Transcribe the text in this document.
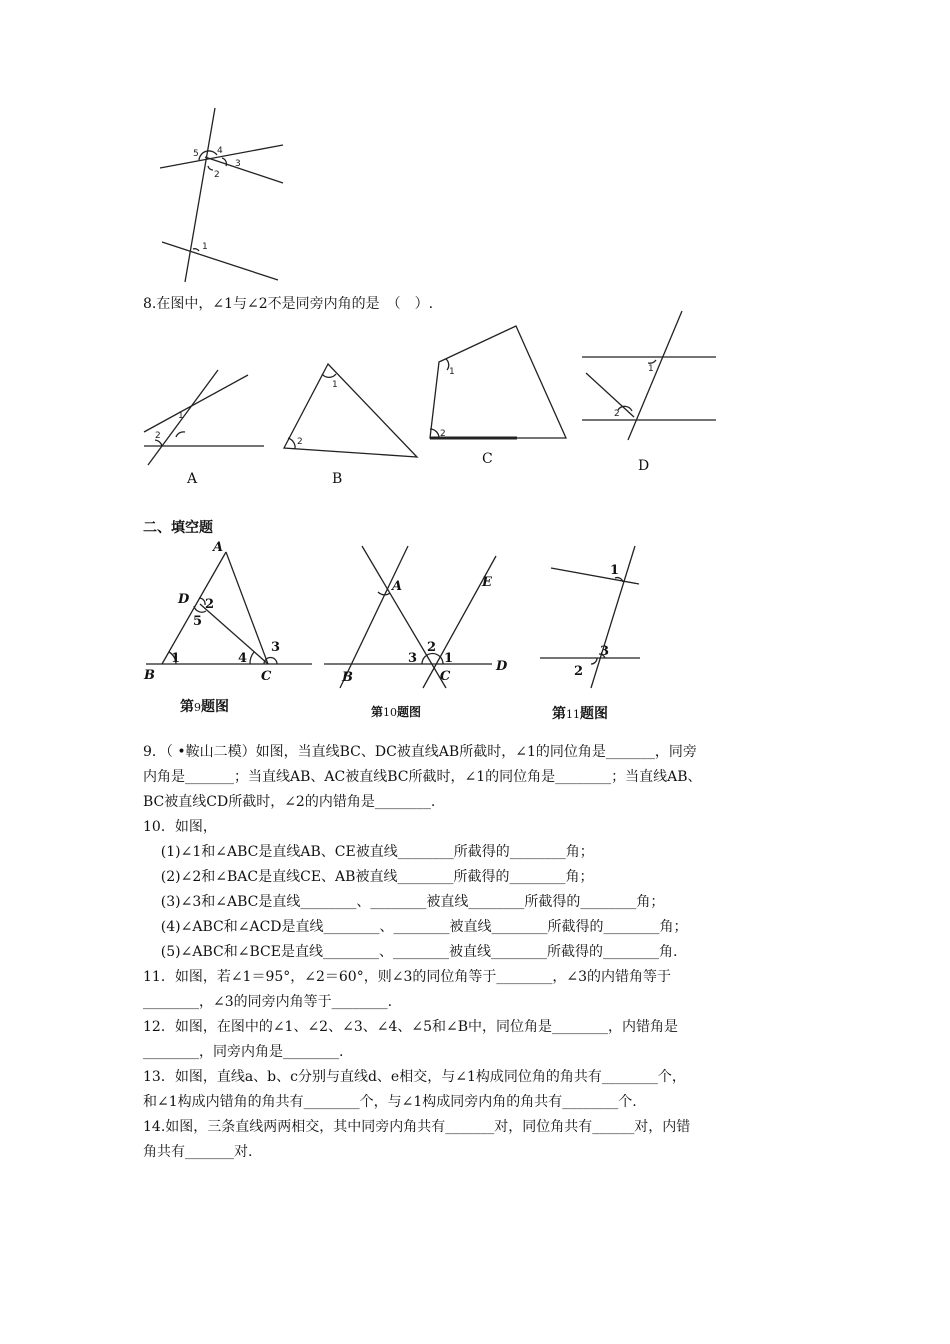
5 4
3
2
1
8.在图中，∠1与∠2不是同旁内角的是　（　）.
1
2
A
1
2
B
1
2
C
1
2
D
二、填空题
A
D
B	C
1
2
3
4
5
第9题图
A	E
B	C
D
1
2
3
第10题图
1
2
3
第11题图
9．（ •鞍山二模）如图，当直线BC、DC被直线AB所截时，∠1的同位角是_______，同旁
内角是_______；当直线AB、AC被直线BC所截时，∠1的同位角是________；当直线AB、
BC被直线CD所截时，∠2的内错角是________.
10．如图，
(1)∠1和∠ABC是直线AB、CE被直线________所截得的________角；
(2)∠2和∠BAC是直线CE、AB被直线________所截得的________角；
(3)∠3和∠ABC是直线________、________被直线________所截得的________角；
(4)∠ABC和∠ACD是直线________、________被直线________所截得的________角；
(5)∠ABC和∠BCE是直线________、________被直线________所截得的________角.
11．如图，若∠1＝95°，∠2＝60°，则∠3的同位角等于________，∠3的内错角等于
________，∠3的同旁内角等于________.
12．如图，在图中的∠1、∠2、∠3、∠4、∠5和∠B中，同位角是________，内错角是
________，同旁内角是________.
13．如图，直线a、b、c分别与直线d、e相交，与∠1构成同位角的角共有________个，
和∠1构成内错角的角共有________个，与∠1构成同旁内角的角共有________个.
14.如图，三条直线两两相交，其中同旁内角共有_______对，同位角共有______对，内错
角共有_______对.
